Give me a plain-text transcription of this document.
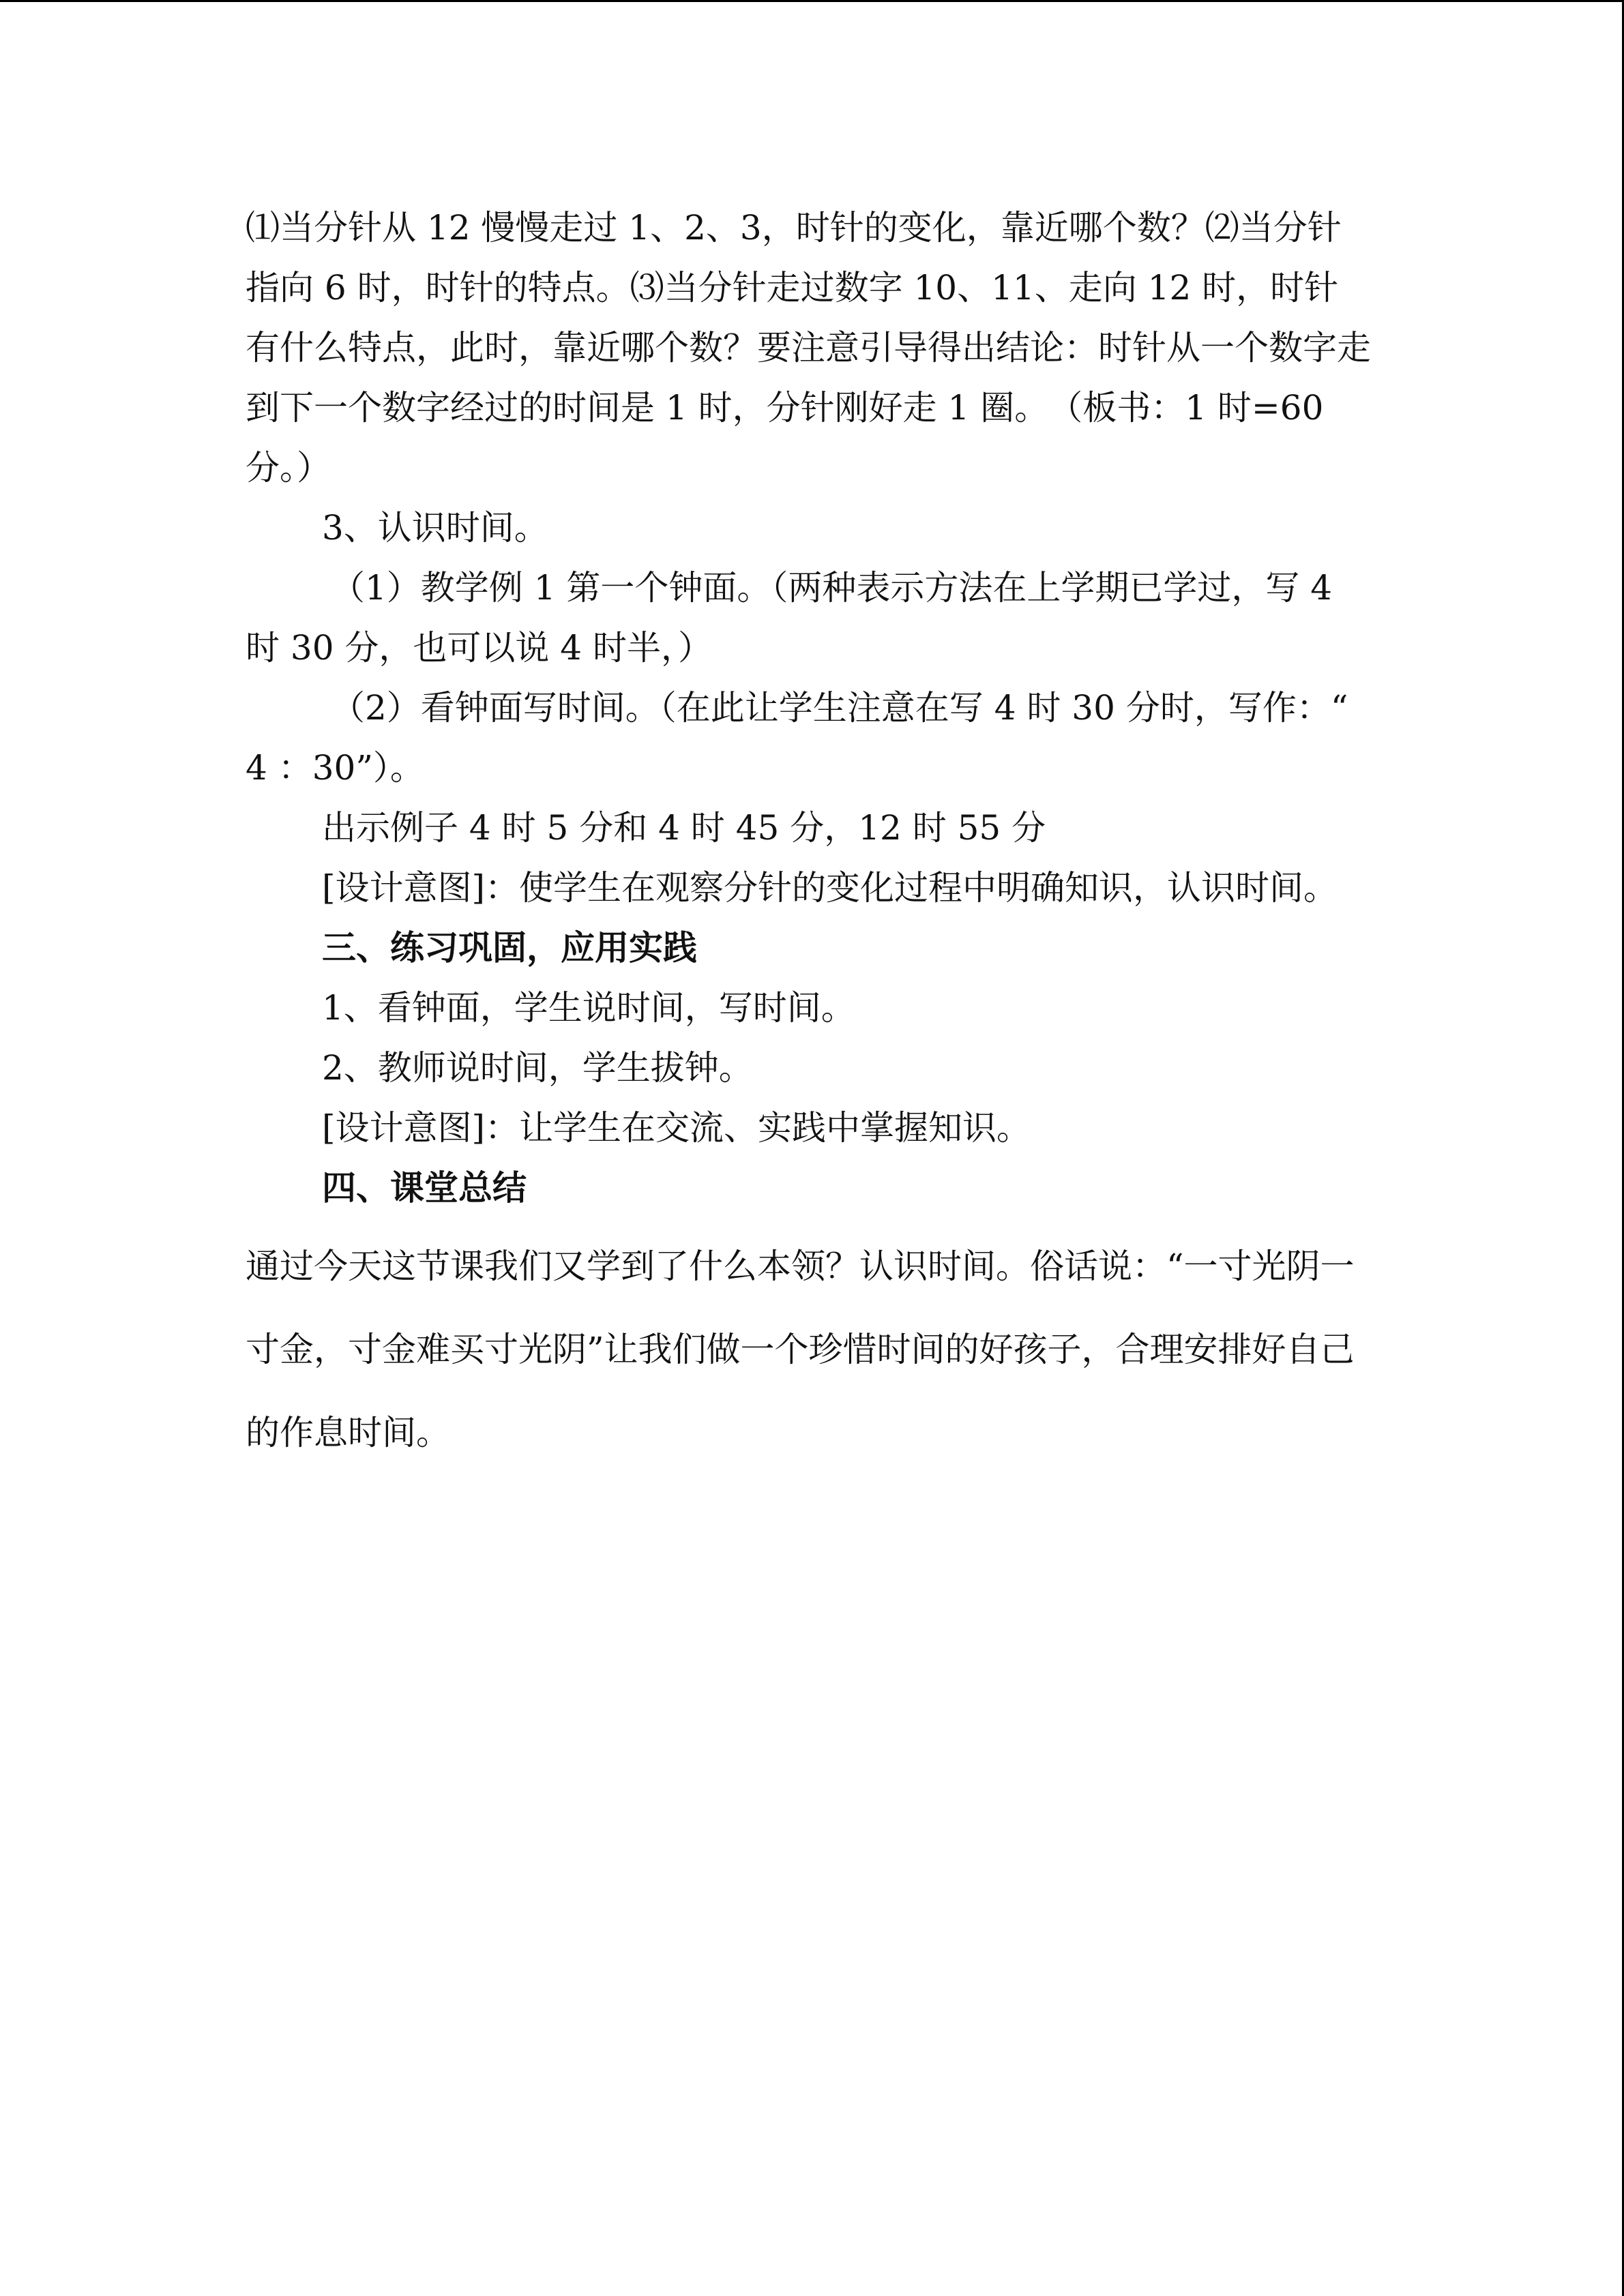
⑴当分针从 12 慢慢走过 1、2、3，时针的变化，靠近哪个数？⑵当分针指向 6 时，时针的特点。⑶当分针走过数字 10、11、走向 12 时，时针有什么特点，此时，靠近哪个数？要注意引导得出结论：时针从一个数字走到下一个数字经过的时间是 1 时，分针刚好走 1 圈。　（板书：1 时=60 分。）

3、认识时间。

（1）教学例 1 第一个钟面。（两种表示方法在上学期已学过，写 4 时 30 分，也可以说 4 时半，）

（2）看钟面写时间。（在此让学生注意在写 4 时 30 分时，写作：“ 4 ：30”）。

出示例子 4 时 5 分和 4 时 45 分，12 时 55 分

[设计意图]：使学生在观察分针的变化过程中明确知识，认识时间。

三、练习巩固，应用实践

1、看钟面，学生说时间，写时间。

2、教师说时间，学生拔钟。

[设计意图]：让学生在交流、实践中掌握知识。

四、课堂总结

通过今天这节课我们又学到了什么本领？认识时间。俗话说：“一寸光阴一寸金，寸金难买寸光阴”让我们做一个珍惜时间的好孩子，合理安排好自己的作息时间。
